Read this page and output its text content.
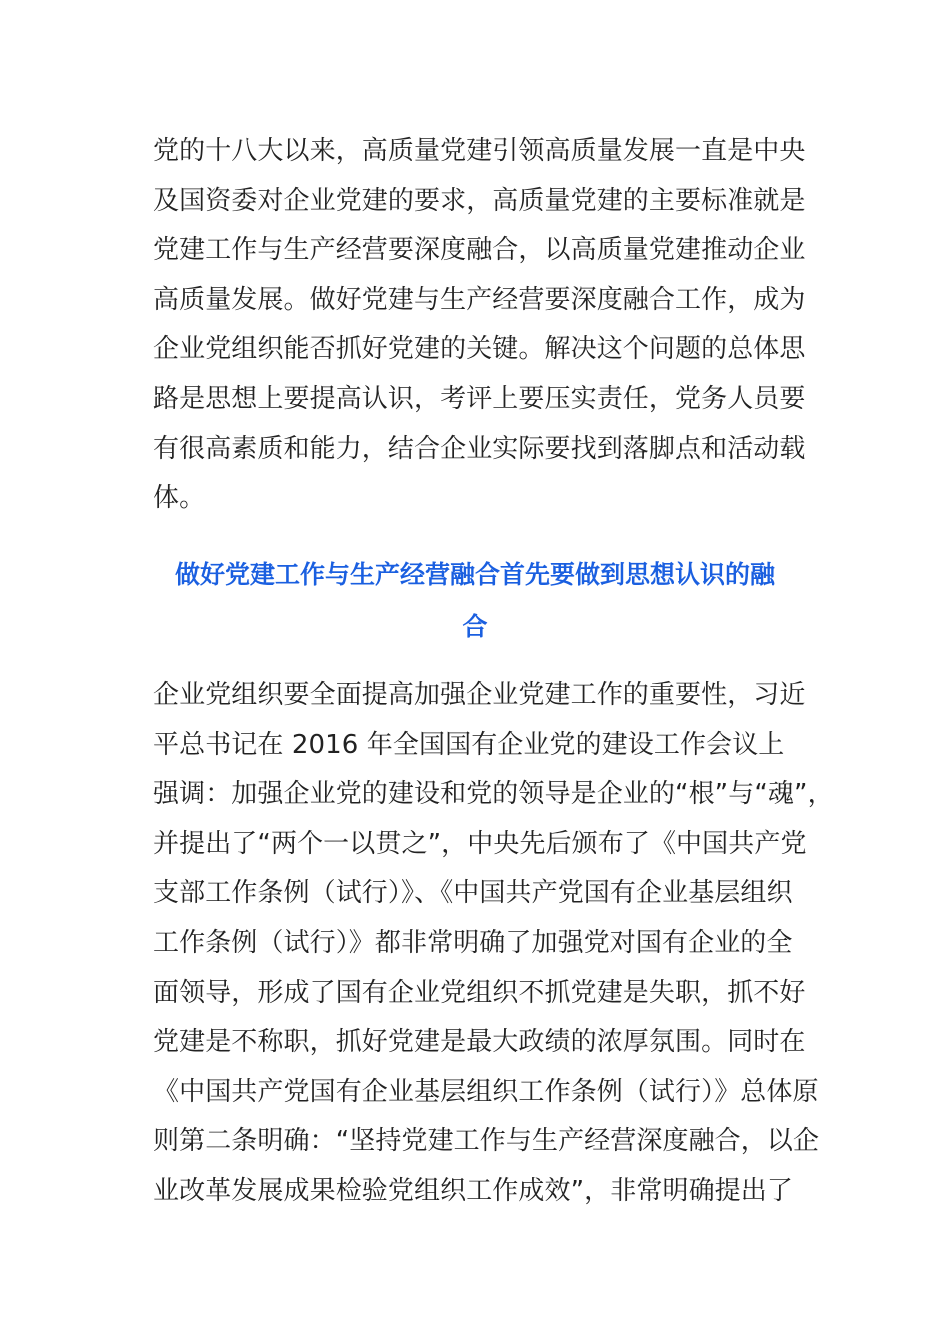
党的十八大以来，高质量党建引领高质量发展一直是中央
及国资委对企业党建的要求，高质量党建的主要标准就是
党建工作与生产经营要深度融合，以高质量党建推动企业
高质量发展。做好党建与生产经营要深度融合工作，成为
企业党组织能否抓好党建的关键。解决这个问题的总体思
路是思想上要提高认识，考评上要压实责任，党务人员要
有很高素质和能力，结合企业实际要找到落脚点和活动载
体。
做好党建工作与生产经营融合首先要做到思想认识的融
合
企业党组织要全面提高加强企业党建工作的重要性，习近
平总书记在 2016 年全国国有企业党的建设工作会议上
强调：加强企业党的建设和党的领导是企业的“根”与“魂”，
并提出了“两个一以贯之”，中央先后颁布了《中国共产党
支部工作条例（试行）》、《中国共产党国有企业基层组织
工作条例（试行）》都非常明确了加强党对国有企业的全
面领导，形成了国有企业党组织不抓党建是失职，抓不好
党建是不称职，抓好党建是最大政绩的浓厚氛围。同时在
《中国共产党国有企业基层组织工作条例（试行）》总体原
则第二条明确：“坚持党建工作与生产经营深度融合，以企
业改革发展成果检验党组织工作成效”，非常明确提出了
